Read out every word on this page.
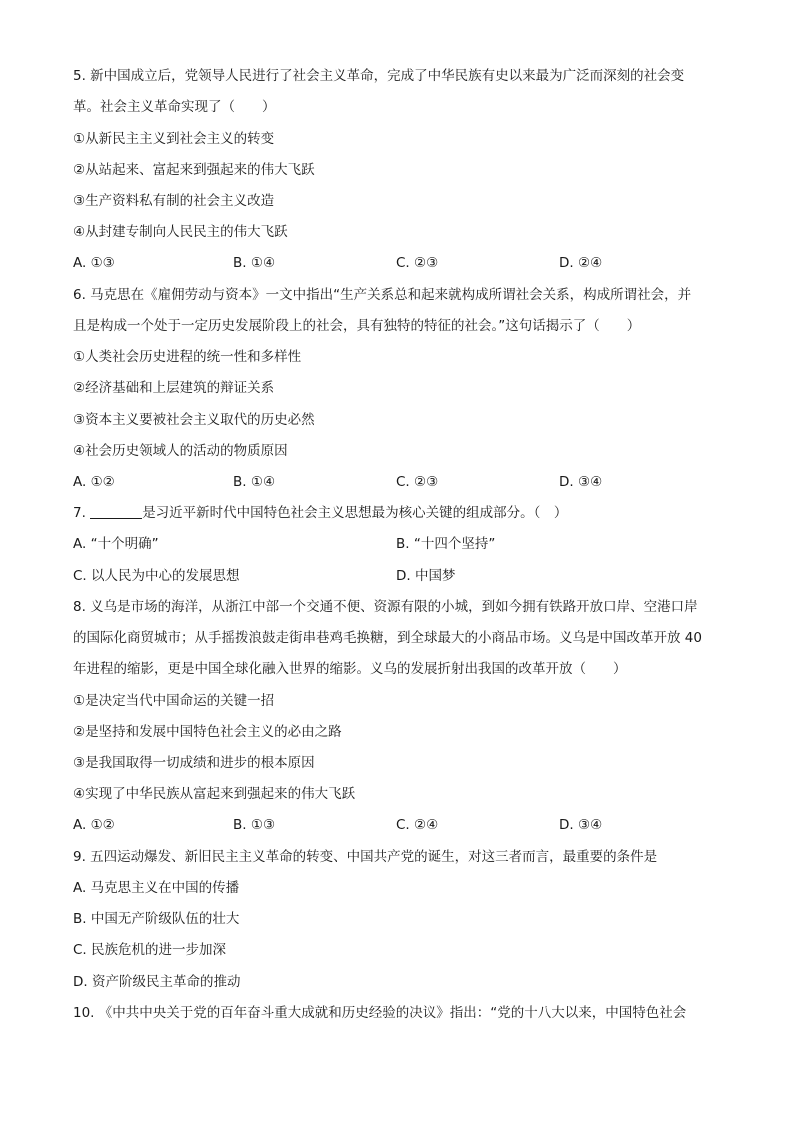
5. 新中国成立后，党领导人民进行了社会主义革命，完成了中华民族有史以来最为广泛而深刻的社会变
革。社会主义革命实现了（　　）
①从新民主主义到社会主义的转变
②从站起来、富起来到强起来的伟大飞跃
③生产资料私有制的社会主义改造
④从封建专制向人民民主的伟大飞跃
A. ①③	B. ①④	C. ②③	D. ②④
6. 马克思在《雇佣劳动与资本》一文中指出“生产关系总和起来就构成所谓社会关系，构成所谓社会，并
且是构成一个处于一定历史发展阶段上的社会，具有独特的特征的社会。”这句话揭示了（　　）
①人类社会历史进程的统一性和多样性
②经济基础和上层建筑的辩证关系
③资本主义要被社会主义取代的历史必然
④社会历史领域人的活动的物质原因
A. ①②	B. ①④	C. ②③	D. ③④
7.	是习近平新时代中国特色社会主义思想最为核心关键的组成部分。（　）
A. “十个明确”	B. “十四个坚持”
C. 以人民为中心的发展思想	D. 中国梦
8. 义乌是市场的海洋，从浙江中部一个交通不便、资源有限的小城，到如今拥有铁路开放口岸、空港口岸
的国际化商贸城市；从手摇拨浪鼓走街串巷鸡毛换糖，到全球最大的小商品市场。义乌是中国改革开放 40
年进程的缩影，更是中国全球化融入世界的缩影。义乌的发展折射出我国的改革开放（　　）
①是决定当代中国命运的关键一招
②是坚持和发展中国特色社会主义的必由之路
③是我国取得一切成绩和进步的根本原因
④实现了中华民族从富起来到强起来的伟大飞跃
A. ①②	B. ①③	C. ②④	D. ③④
9. 五四运动爆发、新旧民主主义革命的转变、中国共产党的诞生，对这三者而言，最重要的条件是
A. 马克思主义在中国的传播
B. 中国无产阶级队伍的壮大
C. 民族危机的进一步加深
D. 资产阶级民主革命的推动
10. 《中共中央关于党的百年奋斗重大成就和历史经验的决议》指出：“党的十八大以来，中国特色社会
